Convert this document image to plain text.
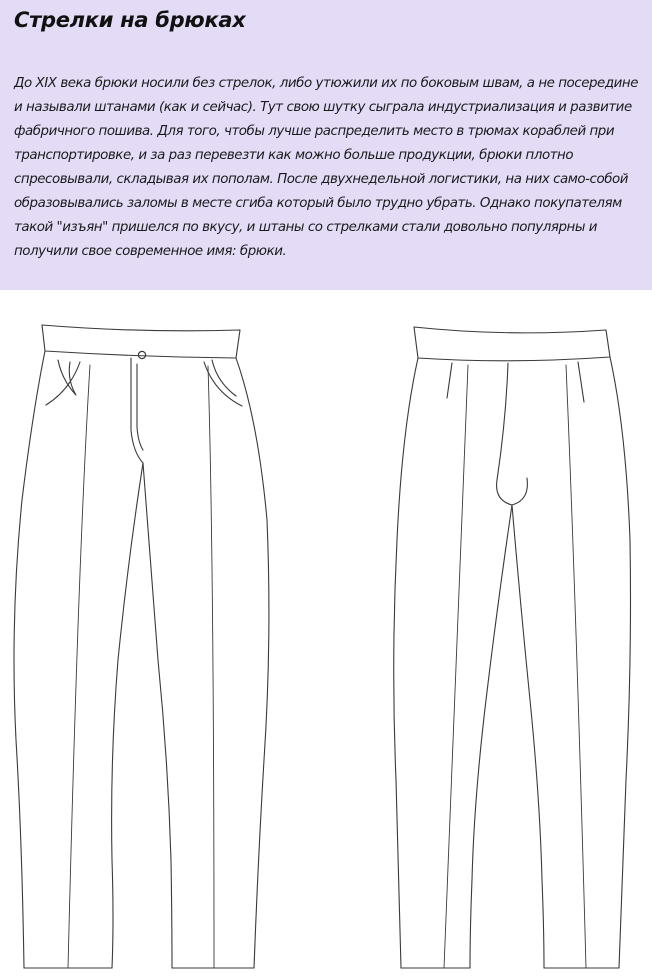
Стрелки на брюках

До XIX века брюки носили без стрелок, либо утюжили их по боковым швам, а не посередине и называли штанами (как и сейчас). Тут свою шутку сыграла индустриализация и развитие фабричного пошива. Для того, чтобы лучше распределить место в трюмах кораблей при транспортировке, и за раз перевезти как можно больше продукции, брюки плотно спресовывали, складывая их пополам. После двухнедельной логистики, на них само-собой образовывались заломы в месте сгиба который было трудно убрать. Однако покупателям такой "изъян" пришелся по вкусу, и штаны со стрелками стали довольно популярны и получили свое современное имя: брюки.
